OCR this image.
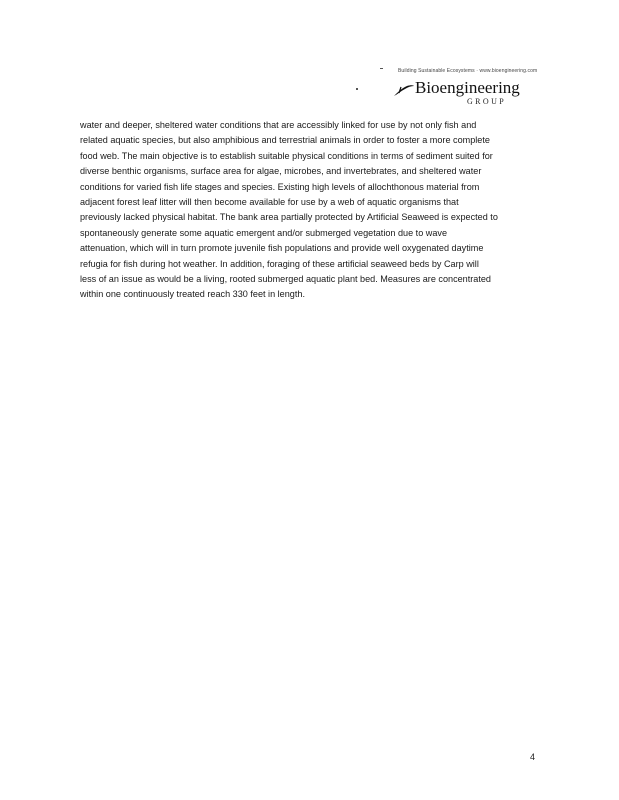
Building Sustainable Ecosystems · www.bioengineering.com
Bioengineering
GROUP
water and deeper, sheltered water conditions that are accessibly linked for use by not only fish and
related aquatic species, but also amphibious and terrestrial animals in order to foster a more complete
food web. The main objective is to establish suitable physical conditions in terms of sediment suited for
diverse benthic organisms, surface area for algae, microbes, and invertebrates, and sheltered water
conditions for varied fish life stages and species. Existing high levels of allochthonous material from
adjacent forest leaf litter will then become available for use by a web of aquatic organisms that
previously lacked physical habitat. The bank area partially protected by Artificial Seaweed is expected to
spontaneously generate some aquatic emergent and/or submerged vegetation due to wave
attenuation, which will in turn promote juvenile fish populations and provide well oxygenated daytime
refugia for fish during hot weather. In addition, foraging of these artificial seaweed beds by Carp will
less of an issue as would be a living, rooted submerged aquatic plant bed. Measures are concentrated
within one continuously treated reach 330 feet in length.
4
